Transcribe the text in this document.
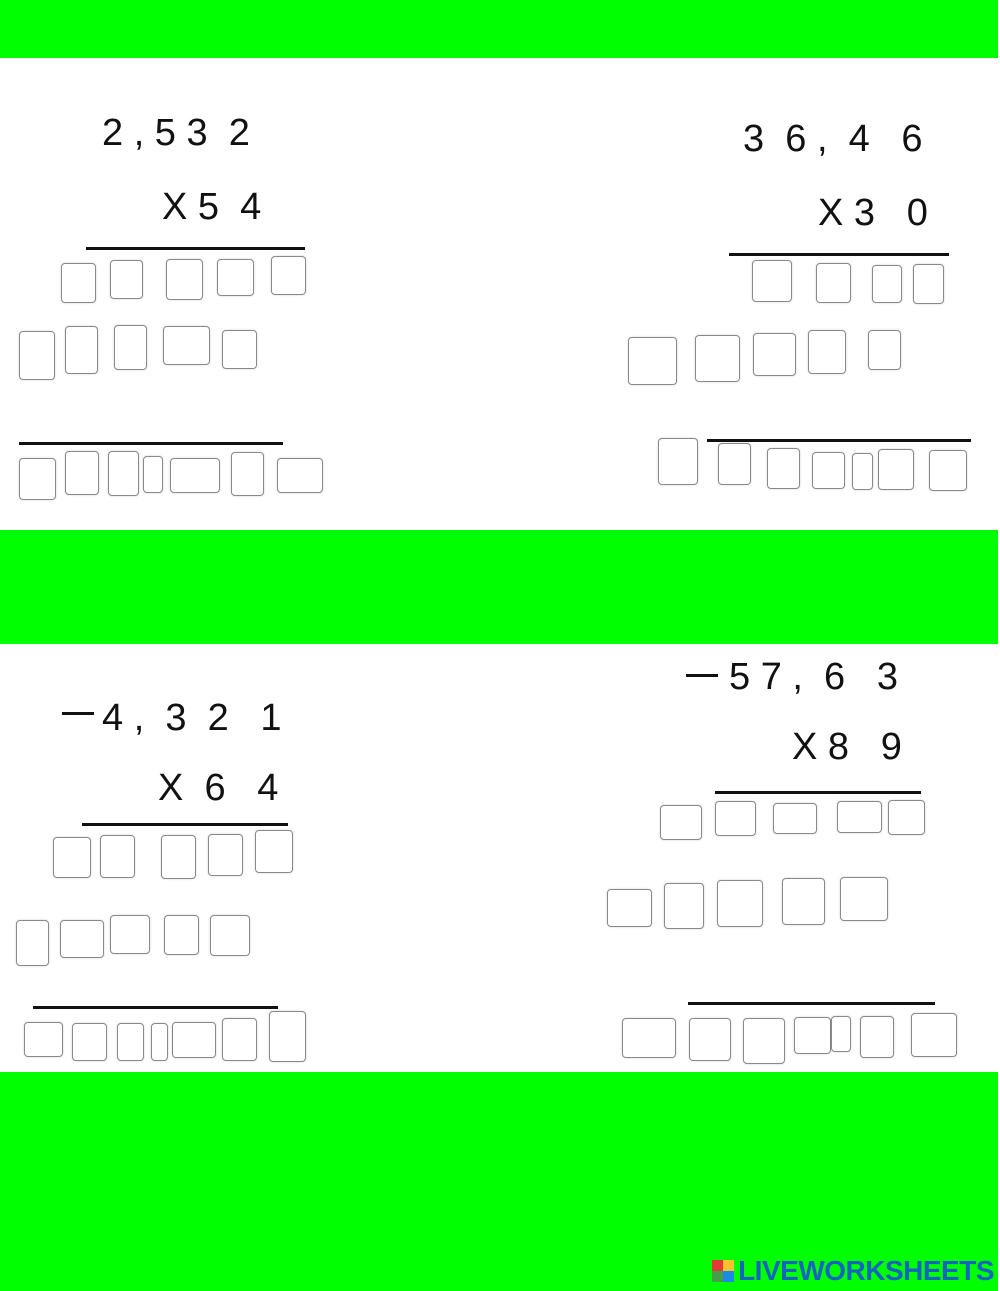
2 , 5 3  2
X 5  4
3  6 ,  4   6
X 3   0
4 ,  3  2   1
X  6   4
5 7 ,  6   3
X 8   9
LIVEWORKSHEETS
